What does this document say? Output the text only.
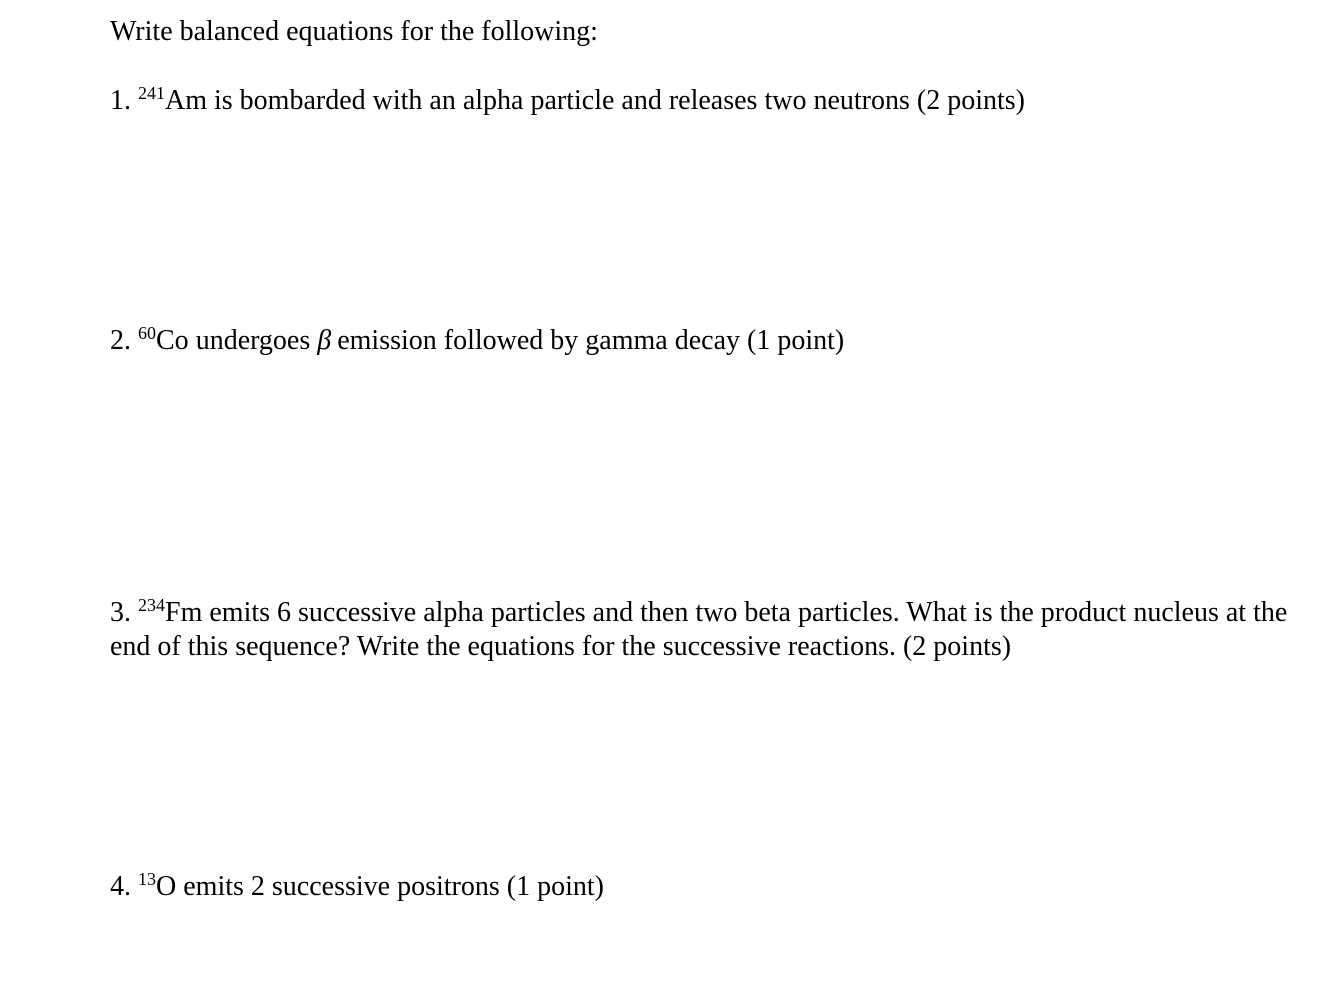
Write balanced equations for the following:
1. $^{241}$Am is bombarded with an alpha particle and releases two neutrons (2 points)
2. $^{60}$Co undergoes β emission followed by gamma decay (1 point)
3. $^{234}$Fm emits 6 successive alpha particles and then two beta particles. What is the product nucleus at the end of this sequence? Write the equations for the successive reactions. (2 points)
4. $^{13}$O emits 2 successive positrons (1 point)
